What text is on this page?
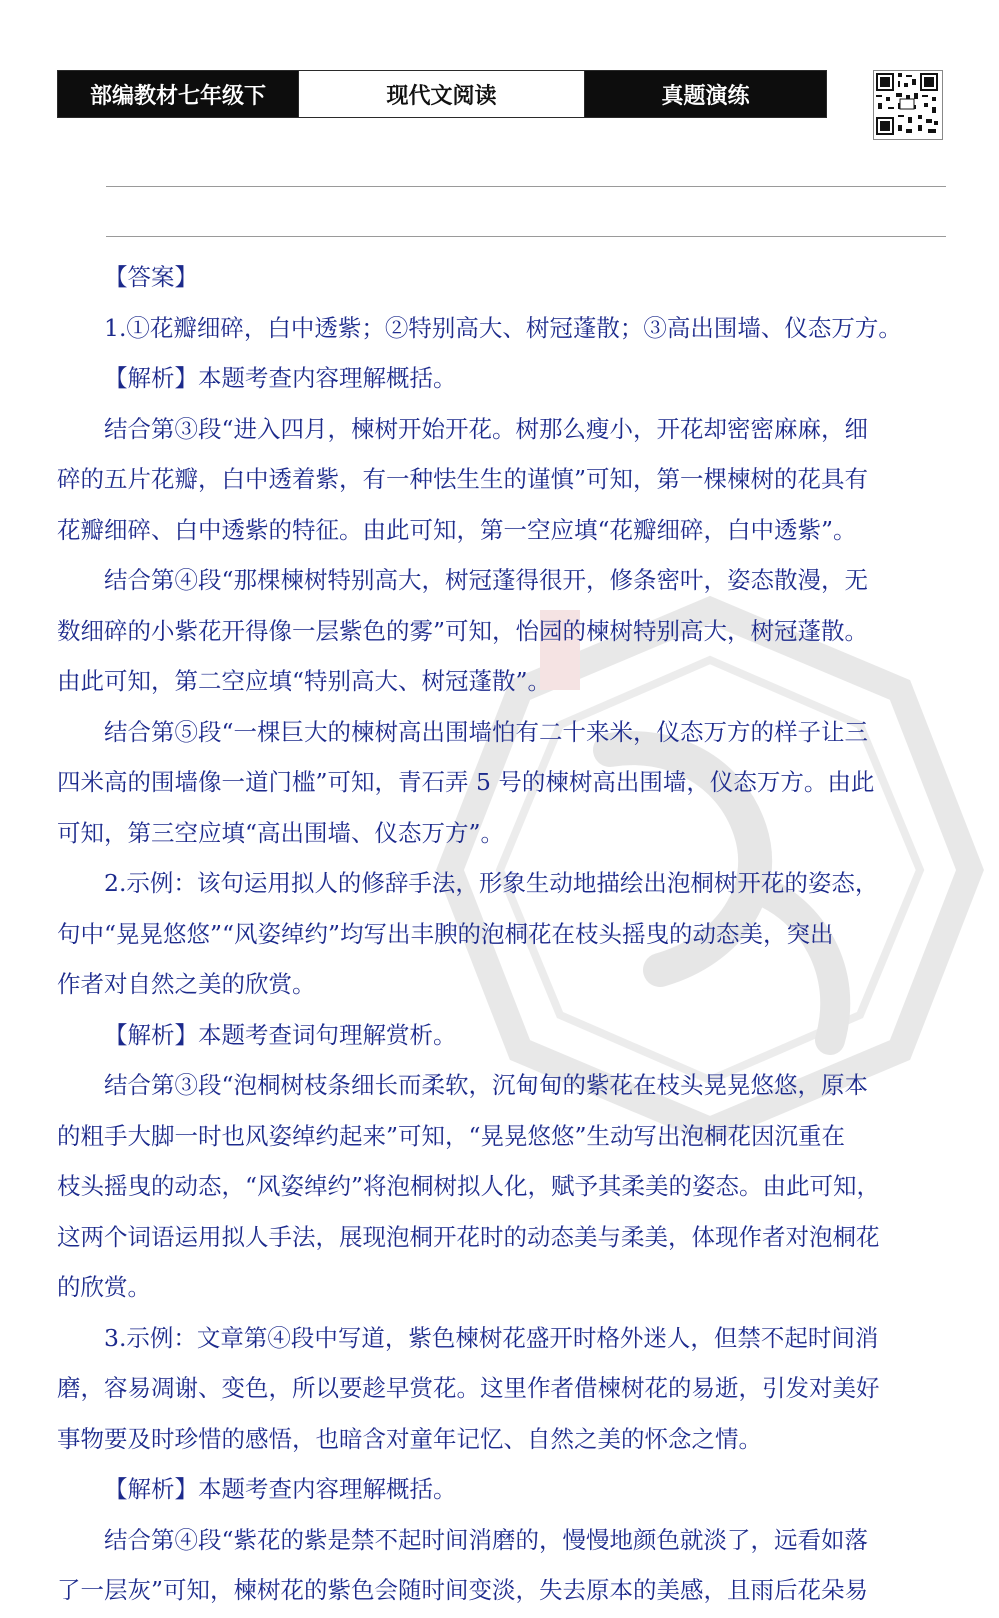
部编教材七年级下	现代文阅读	真题演练

【答案】

1.①花瓣细碎，白中透紫；②特别高大、树冠蓬散；③高出围墙、仪态万方。

【解析】本题考查内容理解概括。

结合第③段“进入四月，楝树开始开花。树那么瘦小，开花却密密麻麻，细

碎的五片花瓣，白中透着紫，有一种怯生生的谨慎”可知，第一棵楝树的花具有

花瓣细碎、白中透紫的特征。由此可知，第一空应填“花瓣细碎，白中透紫”。

结合第④段“那棵楝树特别高大，树冠蓬得很开，修条密叶，姿态散漫，无

数细碎的小紫花开得像一层紫色的雾”可知，怡园的楝树特别高大，树冠蓬散。

由此可知，第二空应填“特别高大、树冠蓬散”。

结合第⑤段“一棵巨大的楝树高出围墙怕有二十来米，仪态万方的样子让三

四米高的围墙像一道门槛”可知，青石弄 5 号的楝树高出围墙，仪态万方。由此

可知，第三空应填“高出围墙、仪态万方”。

2.示例：该句运用拟人的修辞手法，形象生动地描绘出泡桐树开花的姿态，

句中“晃晃悠悠”“风姿绰约”均写出丰腴的泡桐花在枝头摇曳的动态美，突出

作者对自然之美的欣赏。

【解析】本题考查词句理解赏析。

结合第③段“泡桐树枝条细长而柔软，沉甸甸的紫花在枝头晃晃悠悠，原本

的粗手大脚一时也风姿绰约起来”可知，“晃晃悠悠”生动写出泡桐花因沉重在

枝头摇曳的动态，“风姿绰约”将泡桐树拟人化，赋予其柔美的姿态。由此可知，

这两个词语运用拟人手法，展现泡桐开花时的动态美与柔美，体现作者对泡桐花

的欣赏。

3.示例：文章第④段中写道，紫色楝树花盛开时格外迷人，但禁不起时间消

磨，容易凋谢、变色，所以要趁早赏花。这里作者借楝树花的易逝，引发对美好

事物要及时珍惜的感悟，也暗含对童年记忆、自然之美的怀念之情。

【解析】本题考查内容理解概括。

结合第④段“紫花的紫是禁不起时间消磨的，慢慢地颜色就淡了，远看如落

了一层灰”可知，楝树花的紫色会随时间变淡，失去原本的美感，且雨后花朵易
